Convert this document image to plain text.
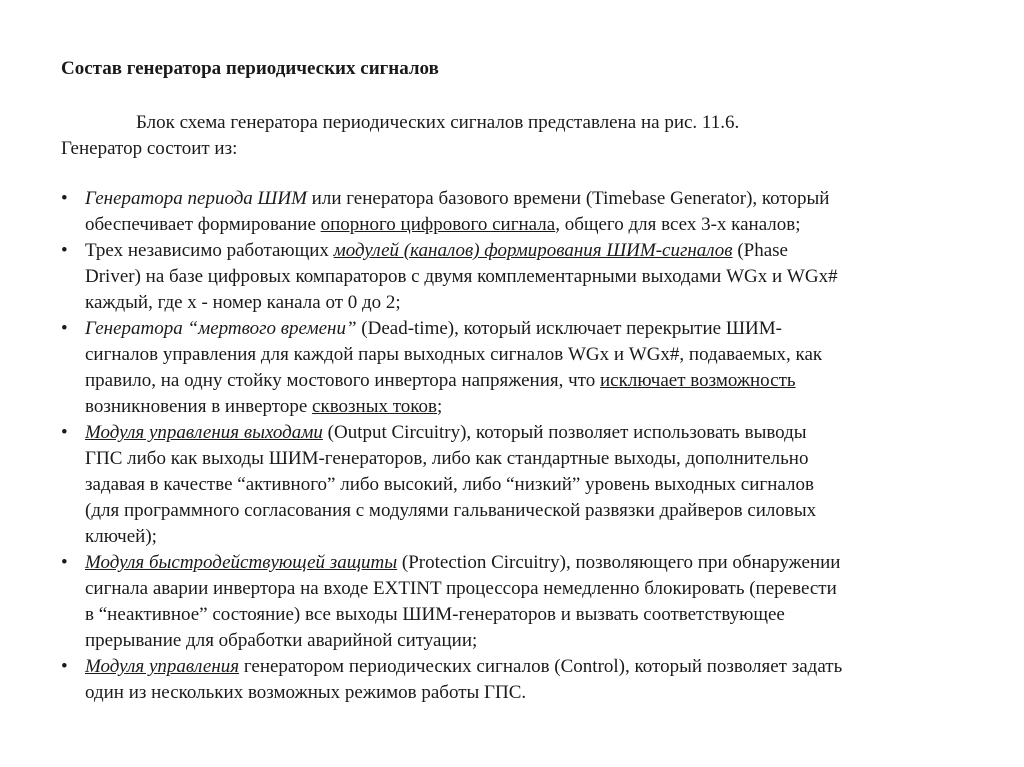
Состав генератора периодических сигналов
Блок схема генератора периодических сигналов представлена на рис. 11.6.
Генератор состоит из:
• Генератора периода ШИМ или генератора базового времени (Timebase Generator), который
обеспечивает формирование опорного цифрового сигнала, общего для всех 3-х каналов;
• Трех независимо работающих модулей (каналов) формирования ШИМ-сигналов (Phase
Driver) на базе цифровых компараторов с двумя комплементарными выходами WGx и WGx#
каждый, где x - номер канала от 0 до 2;
• Генератора “мертвого времени” (Dead-time), который исключает перекрытие ШИМ-
сигналов управления для каждой пары выходных сигналов WGx и WGx#, подаваемых, как
правило, на одну стойку мостового инвертора напряжения, что исключает возможность
возникновения в инверторе сквозных токов;
• Модуля управления выходами (Output Circuitry), который позволяет использовать выводы
ГПС либо как выходы ШИМ-генераторов, либо как стандартные выходы, дополнительно
задавая в качестве “активного” либо высокий, либо “низкий” уровень выходных сигналов
(для программного согласования с модулями гальванической развязки драйверов силовых
ключей);
• Модуля быстродействующей защиты (Protection Circuitry), позволяющего при обнаружении
сигнала аварии инвертора на входе EXTINT процессора немедленно блокировать (перевести
в “неактивное” состояние) все выходы ШИМ-генераторов и вызвать соответствующее
прерывание для обработки аварийной ситуации;
• Модуля управления генератором периодических сигналов (Control), который позволяет задать
один из нескольких возможных режимов работы ГПС.
